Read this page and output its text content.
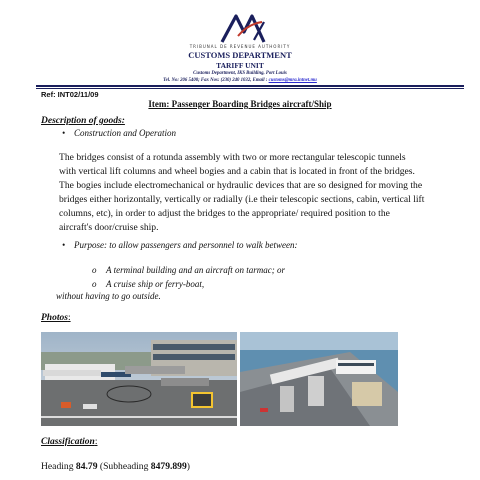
TRIBUNAL DE REVENUE AUTHORITY
CUSTOMS DEPARTMENT
TARIFF UNIT
Customs Department, IKS Building, Port Louis
Tel. No: 206 5400; Fax Nos: (230) 240 1032, Email : customs@mra.intnet.mu
Ref: INT02/11/09
Item: Passenger Boarding Bridges aircraft/Ship
Description of goods:
• Construction and Operation
The bridges consist of a rotunda assembly with two or more rectangular telescopic tunnels
with vertical lift columns and wheel bogies and a cabin that is located in front of the bridges.
The bogies include electromechanical or hydraulic devices that are so designed for moving the
bridges either horizontally, vertically or radially (i.e their telescopic sections, cabin, vertical lift
columns, etc), in order to adjust the bridges to the appropriate/ required position to the
aircraft's door/cruise ship.
• Purpose: to allow passengers and personnel to walk between:
o A terminal building and an aircraft on tarmac; or
o A cruise ship or ferry-boat,
without having to go outside.
Photos:
Classification:
Heading 84.79 (Subheading 8479.899)
